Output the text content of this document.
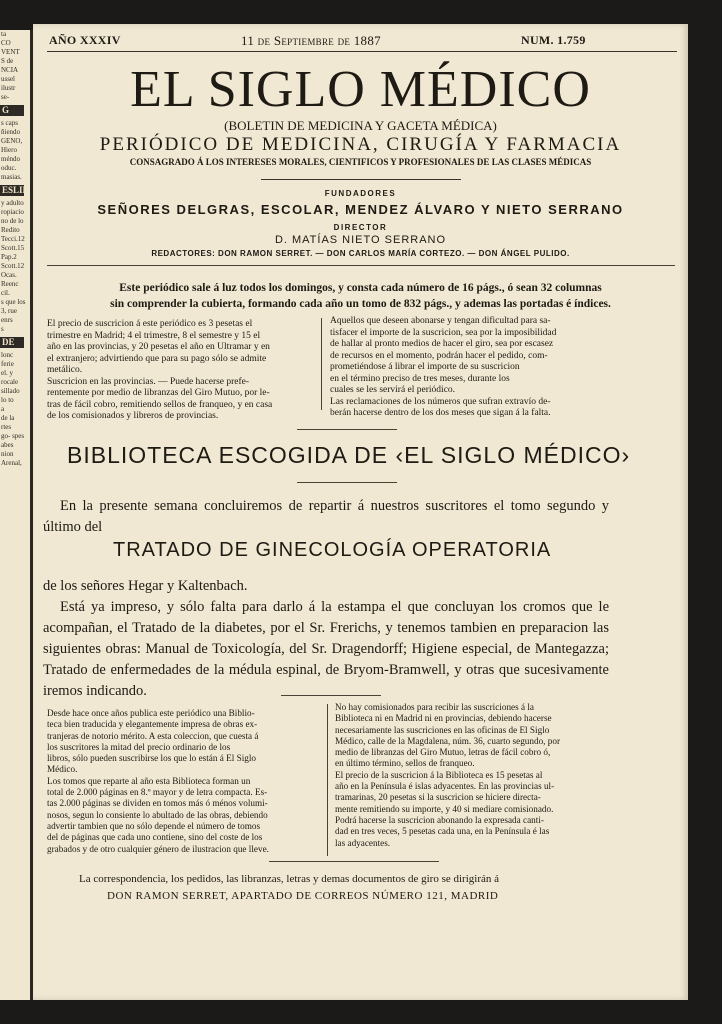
ta
CO
VENT
S de
NCIA
ussel
ilustr
se-
G
s caps
ñiendo
GENO,
Hiero
méndo
oduc.
masias.
ESLIE
y adulto
ropiacio
no de lo
Redito
Tecci.12
Scott.15
Pap.2
Scott.12
Ocas.
Reenc
cil.
s que los
3, rue
enrs
s
DE
lonc
ferie
el. y
rocale
sillado
lo to
a
de la
rtes
go- spes
abes
nion
Arenal,
AÑO XXXIV	11 de Septiembre de 1887	NUM. 1.759
EL SIGLO MÉDICO
(BOLETIN DE MEDICINA Y GACETA MÉDICA)
PERIÓDICO DE MEDICINA, CIRUGÍA Y FARMACIA
CONSAGRADO Á LOS INTERESES MORALES, CIENTIFICOS Y PROFESIONALES DE LAS CLASES MÉDICAS
FUNDADORES
SEÑORES DELGRAS, ESCOLAR, MENDEZ ÁLVARO Y NIETO SERRANO
DIRECTOR
D. MATÍAS NIETO SERRANO
REDACTORES: DON RAMON SERRET. — DON CARLOS MARÍA CORTEZO. — DON ÁNGEL PULIDO.
Este periódico sale á luz todos los domingos, y consta cada número de 16 págs., ó sean 32 columnas
sin comprender la cubierta, formando cada año un tomo de 832 págs., y ademas las portadas é índices.
El precio de suscricion á este periódico es 3 pesetas el
trimestre en Madrid; 4 el trimestre, 8 el semestre y 15 el
año en las provincias, y 20 pesetas el año en Ultramar y en
el extranjero; advirtiendo que para su pago sólo se admite
metálico.
Suscricion en las provincias. — Puede hacerse prefe-
rentemente por medio de libranzas del Giro Mutuo, por le-
tras de fácil cobro, remitiendo sellos de franqueo, y en casa
de los comisionados y libreros de provincias.
Aquellos que deseen abonarse y tengan dificultad para sa-
tisfacer el importe de la suscricion, sea por la imposibilidad
de hallar al pronto medios de hacer el giro, sea por escasez
de recursos en el momento, podrán hacer el pedido, com-
prometiéndose á librar el importe de su suscricion
en el término preciso de tres meses, durante los
cuales se les servirá el periódico.
Las reclamaciones de los números que sufran extravío de-
berán hacerse dentro de los dos meses que sigan á la falta.
BIBLIOTECA ESCOGIDA DE ‹EL SIGLO MÉDICO›
En la presente semana concluiremos de repartir á nuestros suscritores el tomo segundo y último del
TRATADO DE GINECOLOGÍA OPERATORIA
de los señores Hegar y Kaltenbach.
Está ya impreso, y sólo falta para darlo á la estampa el que concluyan los cromos que le acompañan, el Tratado de la diabetes, por el Sr. Frerichs, y tenemos tambien en preparacion las siguientes obras: Manual de Toxicología, del Sr. Dragendorff; Higiene especial, de Mantegazza; Tratado de enfermedades de la médula espinal, de Bryom-Bramwell, y otras que sucesivamente iremos indicando.
Desde hace once años publica este periódico una Biblio-
teca bien traducida y elegantemente impresa de obras ex-
tranjeras de notorio mérito. A esta coleccion, que cuesta á
los suscritores la mitad del precio ordinario de los
libros, sólo pueden suscribirse los que lo están á El Siglo
Médico.
Los tomos que reparte al año esta Biblioteca forman un
total de 2.000 páginas en 8.º mayor y de letra compacta. Es-
tas 2.000 páginas se dividen en tomos más ó ménos volumi-
nosos, segun lo consiente lo abultado de las obras, debiendo
advertir tambien que no sólo depende el número de tomos
del de páginas que cada uno contiene, sino del coste de los
grabados y de otro cualquier género de ilustracion que lleve.
No hay comisionados para recibir las suscriciones á la
Biblioteca ni en Madrid ni en provincias, debiendo hacerse
necesariamente las suscriciones en las oficinas de El Siglo
Médico, calle de la Magdalena, núm. 36, cuarto segundo, por
medio de libranzas del Giro Mutuo, letras de fácil cobro ó,
en último término, sellos de franqueo.
El precio de la suscricion á la Biblioteca es 15 pesetas al
año en la Península é islas adyacentes. En las provincias ul-
tramarinas, 20 pesetas si la suscricion se hiciere directa-
mente remitiendo su importe, y 40 si mediare comisionado.
Podrá hacerse la suscricion abonando la expresada canti-
dad en tres veces, 5 pesetas cada una, en la Península é las
las adyacentes.
La correspondencia, los pedidos, las libranzas, letras y demas documentos de giro se dirigirán á
DON RAMON SERRET, APARTADO DE CORREOS NÚMERO 121, MADRID
